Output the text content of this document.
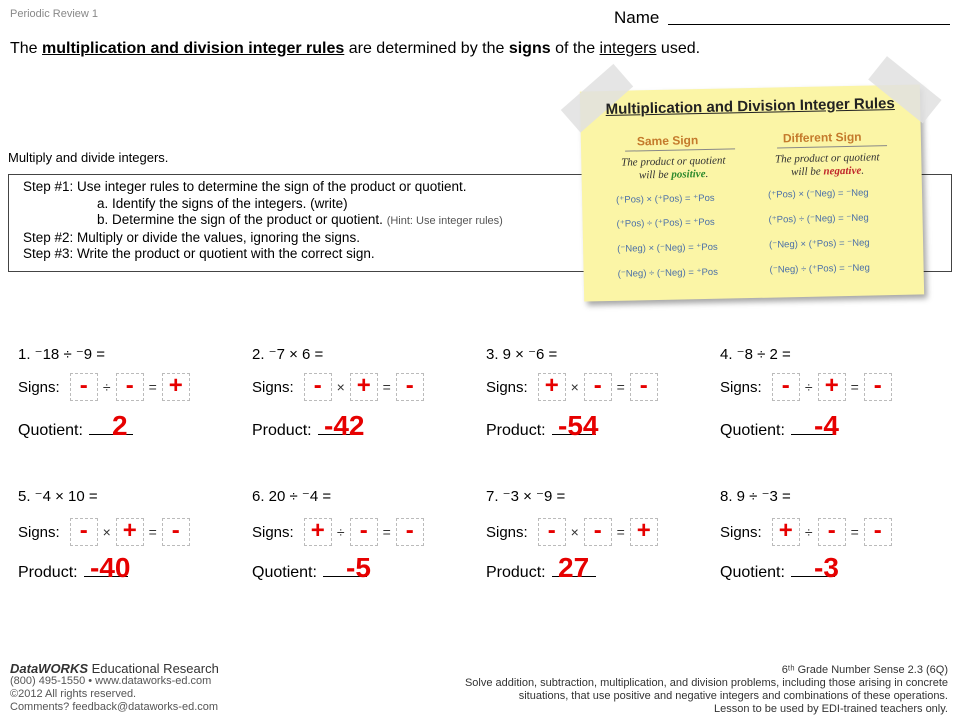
Periodic Review 1	Name
The multiplication and division integer rules are determined by the signs of the integers used.
Multiply and divide integers.
Step #1: Use integer rules to determine the sign of the product or quotient.
a. Identify the signs of the integers. (write)
b. Determine the sign of the product or quotient. (Hint: Use integer rules)
Step #2: Multiply or divide the values, ignoring the signs.
Step #3: Write the product or quotient with the correct sign.
Multiplication and Division Integer Rules
Same Sign
The product or quotient
will be positive.
(⁺Pos) × (⁺Pos) = ⁺Pos
(⁺Pos) ÷ (⁺Pos) = ⁺Pos
(⁻Neg) × (⁻Neg) = ⁺Pos
(⁻Neg) ÷ (⁻Neg) = ⁺Pos
Different Sign
The product or quotient
will be negative.
(⁺Pos) × (⁻Neg) = ⁻Neg
(⁺Pos) ÷ (⁻Neg) = ⁻Neg
(⁻Neg) × (⁺Pos) = ⁻Neg
(⁻Neg) ÷ (⁺Pos) = ⁻Neg
1. ⁻18 ÷ ⁻9 =
Signs: - ÷ - = +
Quotient:	2
2. ⁻7 × 6 =
Signs: - × + = -
Product: -42
3. 9 × ⁻6 =
Signs: + × - = -
Product: -54
4. ⁻8 ÷ 2 =
Signs: - ÷ + = -
Quotient:	-4
5. ⁻4 × 10 =
Signs: - × + = -
Product: -40
6. 20 ÷ ⁻4 =
Signs: + ÷ - = -
Quotient:	-5
7. ⁻3 × ⁻9 =
Signs: - × - = +
Product: 27
8. 9 ÷ ⁻3 =
Signs: + ÷ - = -
Quotient:	-3
DataWORKS Educational Research
(800) 495-1550 • www.dataworks-ed.com
©2012 All rights reserved.
Comments? feedback@dataworks-ed.com
6ᵗʰ Grade Number Sense 2.3 (6Q)
Solve addition, subtraction, multiplication, and division problems, including those arising in concrete
situations, that use positive and negative integers and combinations of these operations.
Lesson to be used by EDI-trained teachers only.
